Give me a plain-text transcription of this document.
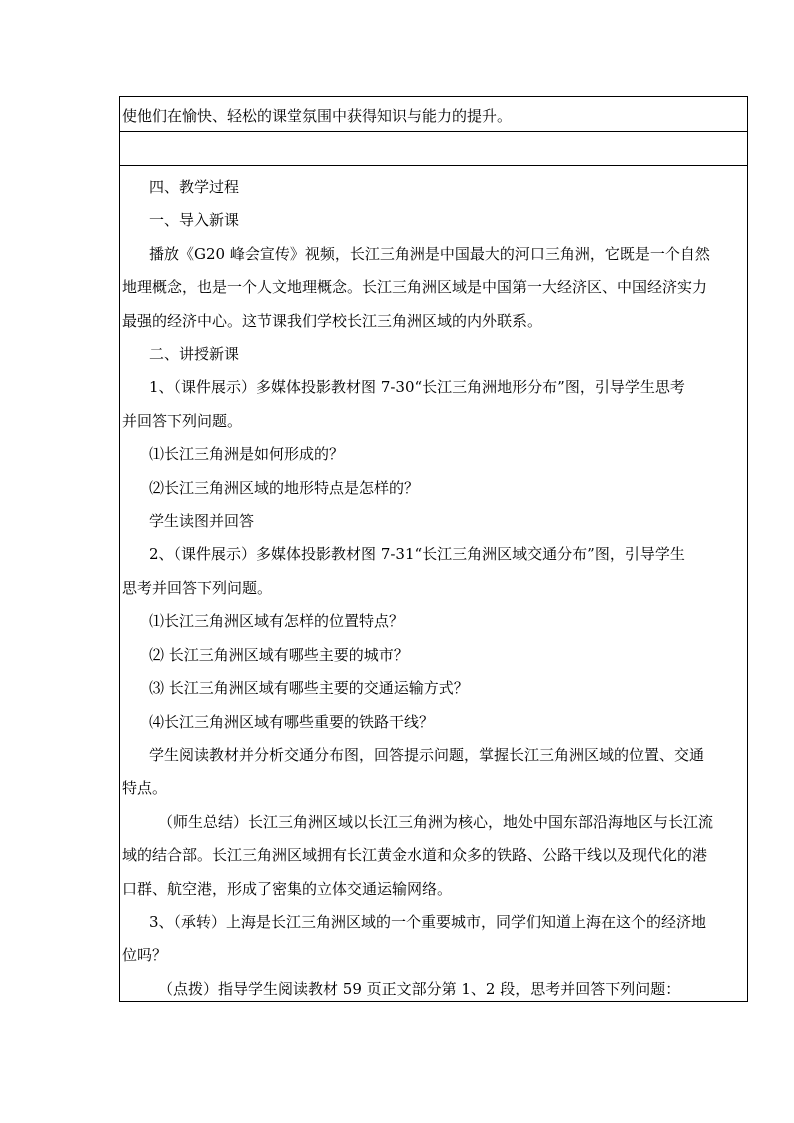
使他们在愉快、轻松的课堂氛围中获得知识与能力的提升。

四、教学过程

一、导入新课

播放《G20 峰会宣传》视频，长江三角洲是中国最大的河口三角洲，它既是一个自然

地理概念，也是一个人文地理概念。长江三角洲区域是中国第一大经济区、中国经济实力

最强的经济中心。这节课我们学校长江三角洲区域的内外联系。

二、讲授新课

1、（课件展示）多媒体投影教材图 7-30“长江三角洲地形分布”图，引导学生思考

并回答下列问题。

⑴长江三角洲是如何形成的？

⑵长江三角洲区域的地形特点是怎样的？

学生读图并回答

2、（课件展示）多媒体投影教材图 7-31“长江三角洲区域交通分布”图，引导学生

思考并回答下列问题。

⑴长江三角洲区域有怎样的位置特点？

⑵ 长江三角洲区域有哪些主要的城市？

⑶ 长江三角洲区域有哪些主要的交通运输方式？

⑷长江三角洲区域有哪些重要的铁路干线？

学生阅读教材并分析交通分布图，回答提示问题，掌握长江三角洲区域的位置、交通

特点。

（师生总结）长江三角洲区域以长江三角洲为核心，地处中国东部沿海地区与长江流

域的结合部。长江三角洲区域拥有长江黄金水道和众多的铁路、公路干线以及现代化的港

口群、航空港，形成了密集的立体交通运输网络。

3、（承转）上海是长江三角洲区域的一个重要城市，同学们知道上海在这个的经济地

位吗？

（点拨）指导学生阅读教材 59 页正文部分第 1、2 段，思考并回答下列问题：
